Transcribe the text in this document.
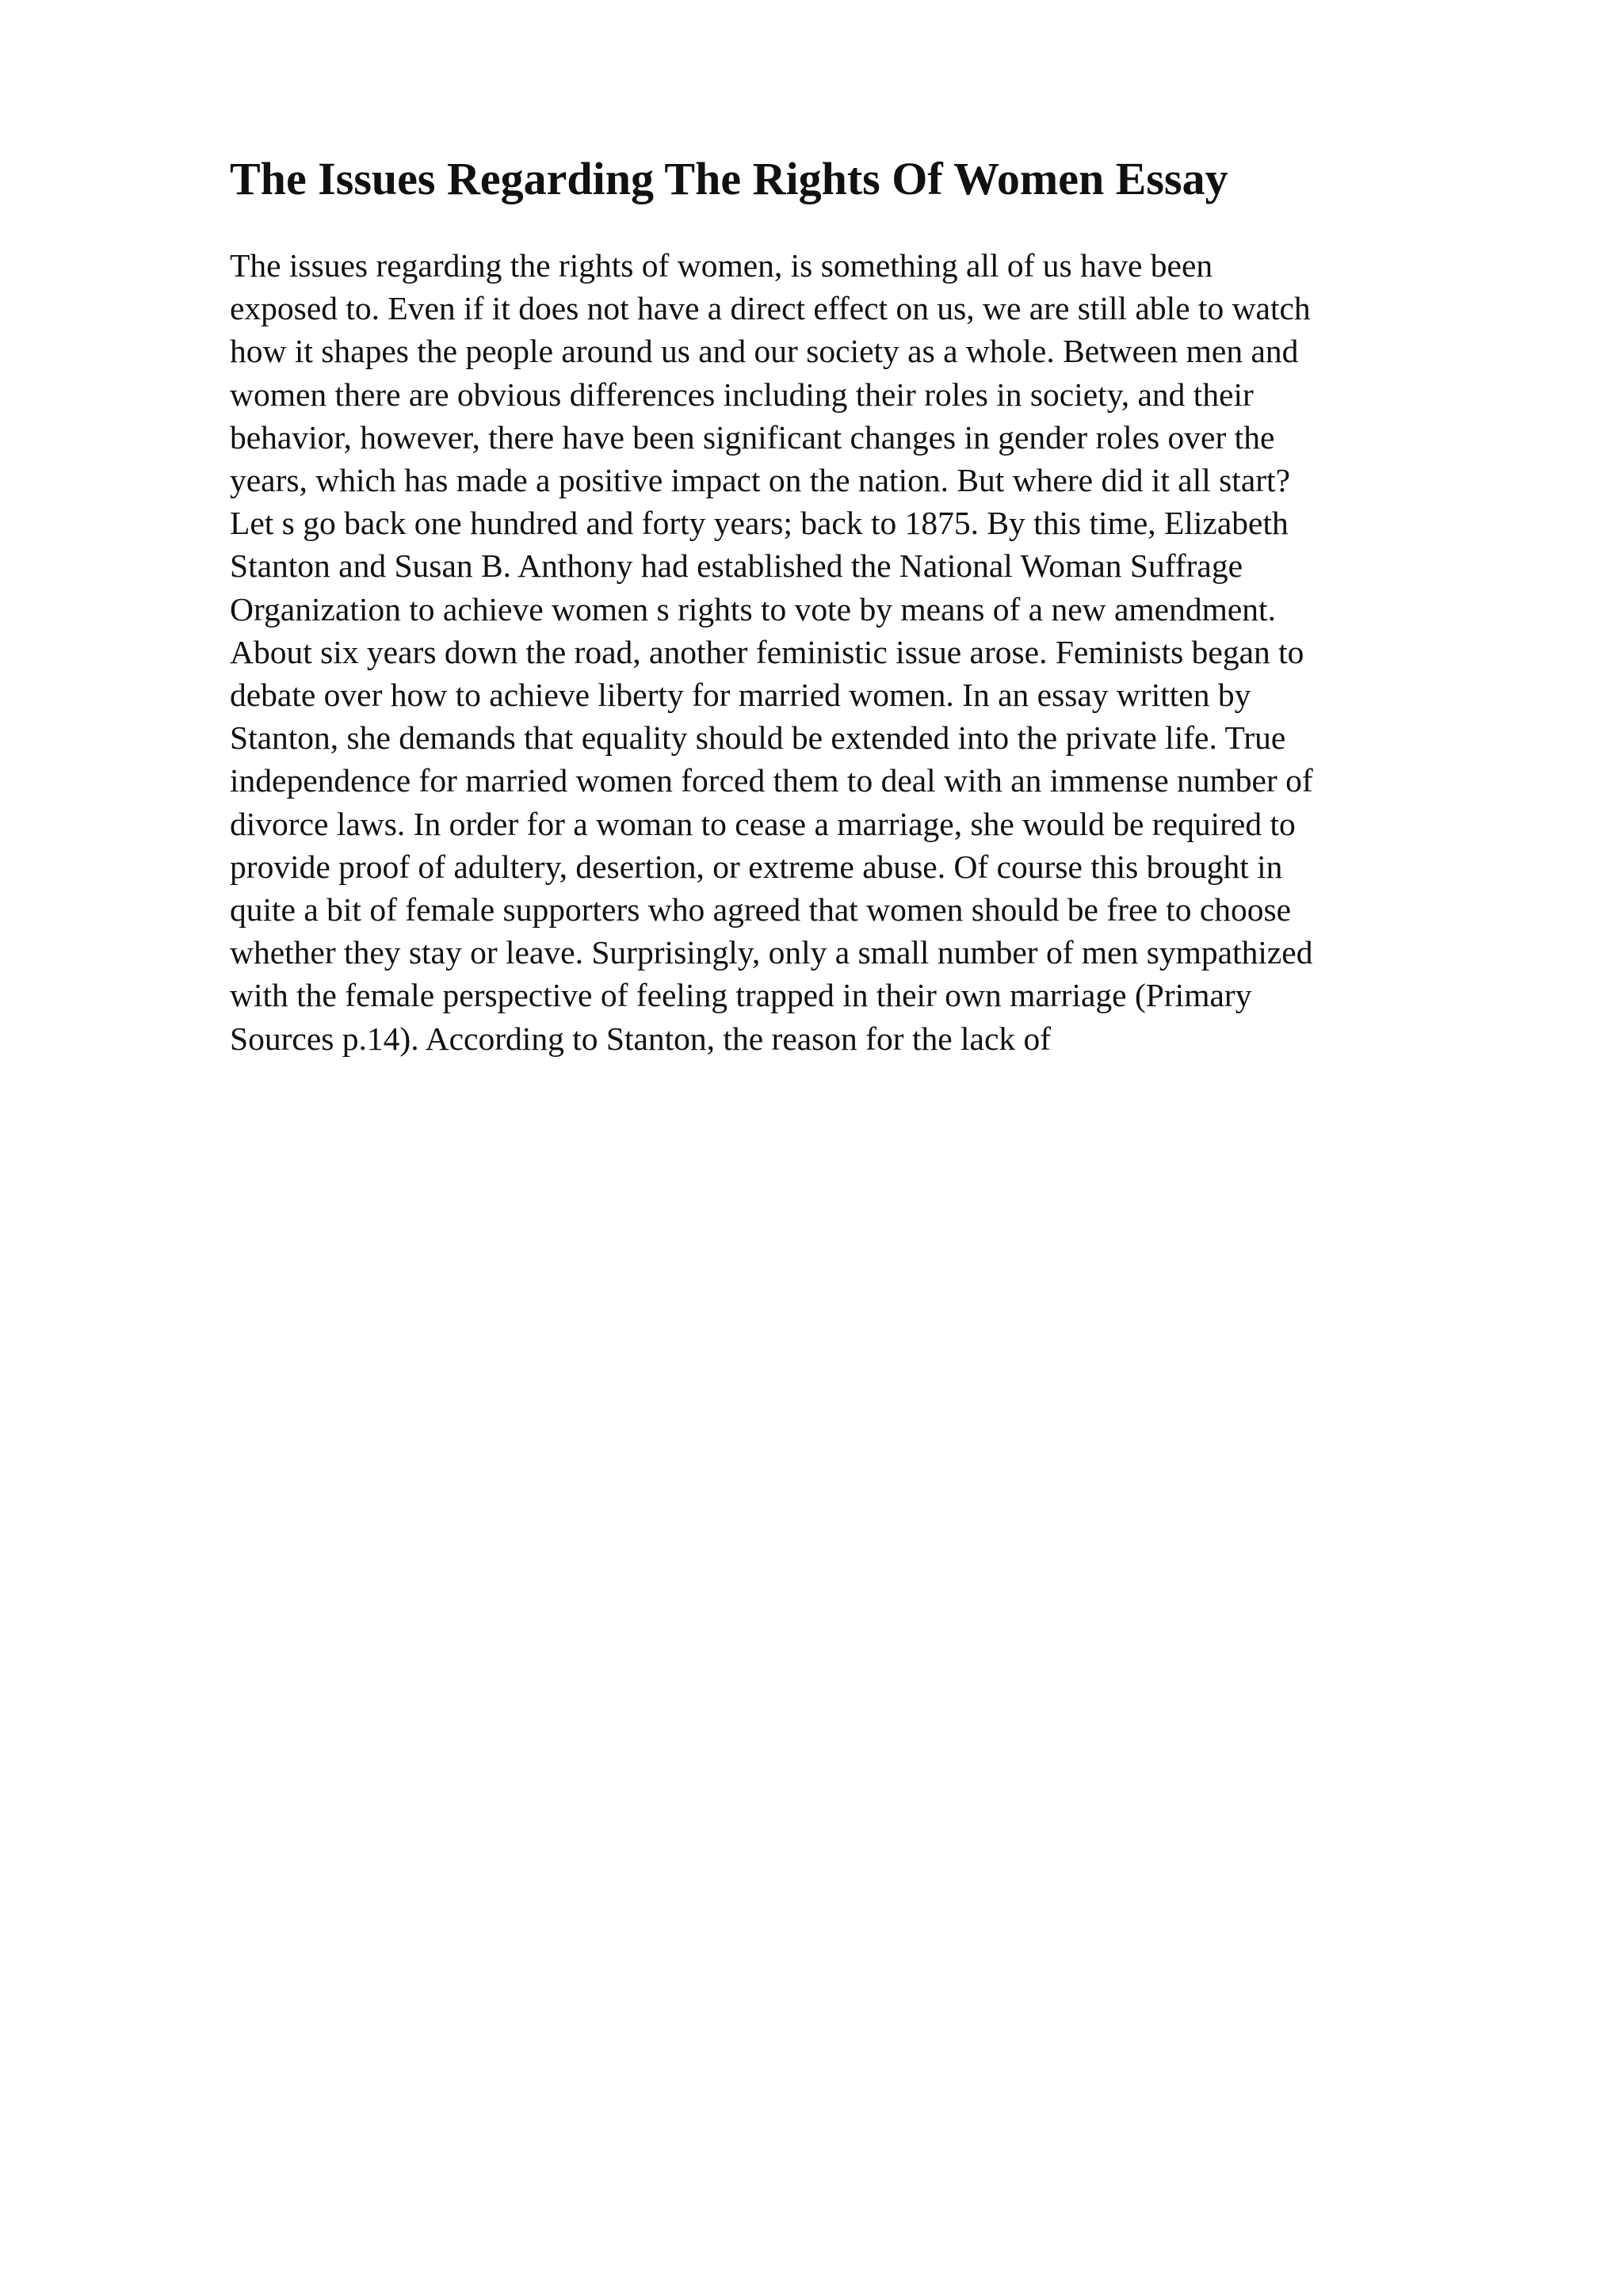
The Issues Regarding The Rights Of Women Essay
The issues regarding the rights of women, is something all of us have been
exposed to. Even if it does not have a direct effect on us, we are still able to watch
how it shapes the people around us and our society as a whole. Between men and
women there are obvious differences including their roles in society, and their
behavior, however, there have been significant changes in gender roles over the
years, which has made a positive impact on the nation. But where did it all start?
Let s go back one hundred and forty years; back to 1875. By this time, Elizabeth
Stanton and Susan B. Anthony had established the National Woman Suffrage
Organization to achieve women s rights to vote by means of a new amendment.
About six years down the road, another feministic issue arose. Feminists began to
debate over how to achieve liberty for married women. In an essay written by
Stanton, she demands that equality should be extended into the private life. True
independence for married women forced them to deal with an immense number of
divorce laws. In order for a woman to cease a marriage, she would be required to
provide proof of adultery, desertion, or extreme abuse. Of course this brought in
quite a bit of female supporters who agreed that women should be free to choose
whether they stay or leave. Surprisingly, only a small number of men sympathized
with the female perspective of feeling trapped in their own marriage (Primary
Sources p.14). According to Stanton, the reason for the lack of
